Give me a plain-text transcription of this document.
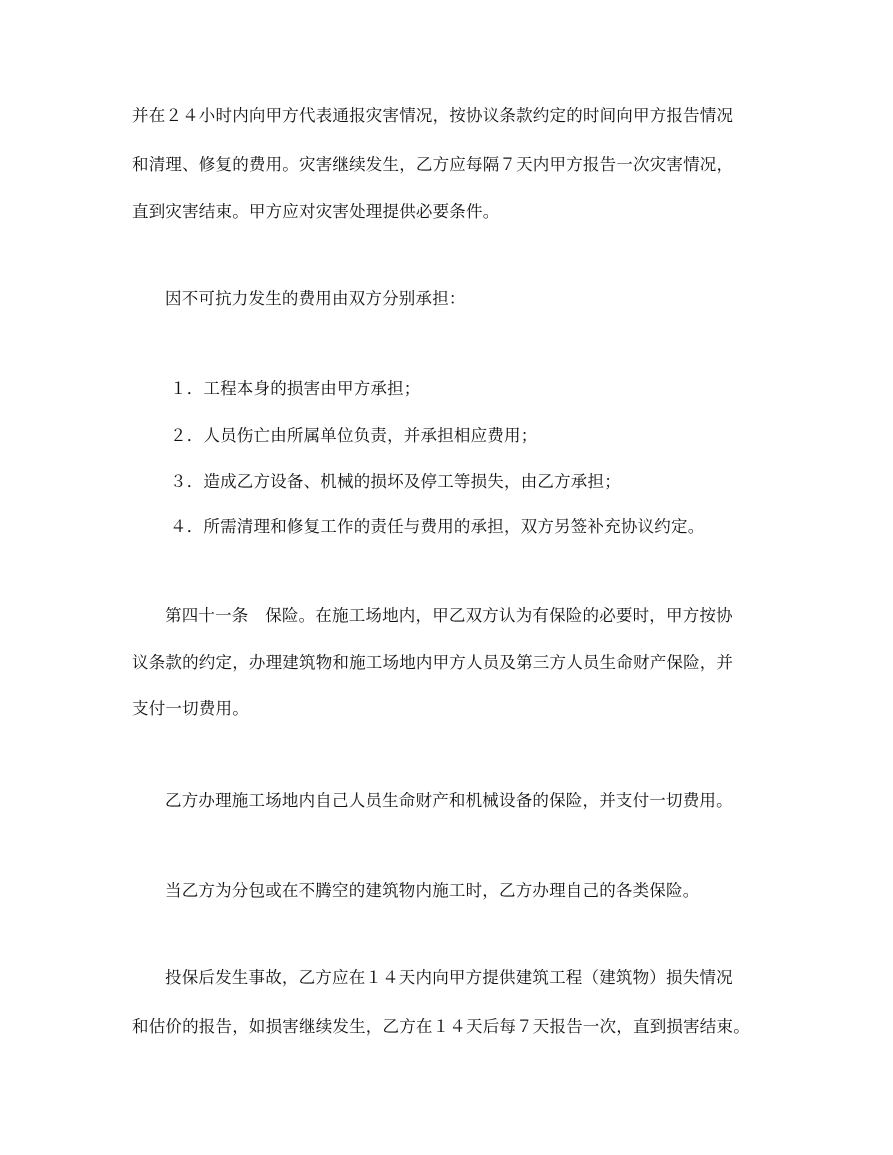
并在２４小时内向甲方代表通报灾害情况，按协议条款约定的时间向甲方报告情况
和清理、修复的费用。灾害继续发生，乙方应每隔７天内甲方报告一次灾害情况，
直到灾害结束。甲方应对灾害处理提供必要条件。
因不可抗力发生的费用由双方分别承担：
１．工程本身的损害由甲方承担；
２．人员伤亡由所属单位负责，并承担相应费用；
３．造成乙方设备、机械的损坏及停工等损失，由乙方承担；
４．所需清理和修复工作的责任与费用的承担，双方另签补充协议约定。
第四十一条　保险。在施工场地内，甲乙双方认为有保险的必要时，甲方按协
议条款的约定，办理建筑物和施工场地内甲方人员及第三方人员生命财产保险，并
支付一切费用。
乙方办理施工场地内自己人员生命财产和机械设备的保险，并支付一切费用。
当乙方为分包或在不腾空的建筑物内施工时，乙方办理自己的各类保险。
投保后发生事故，乙方应在１４天内向甲方提供建筑工程（建筑物）损失情况
和估价的报告，如损害继续发生，乙方在１４天后每７天报告一次，直到损害结束。
